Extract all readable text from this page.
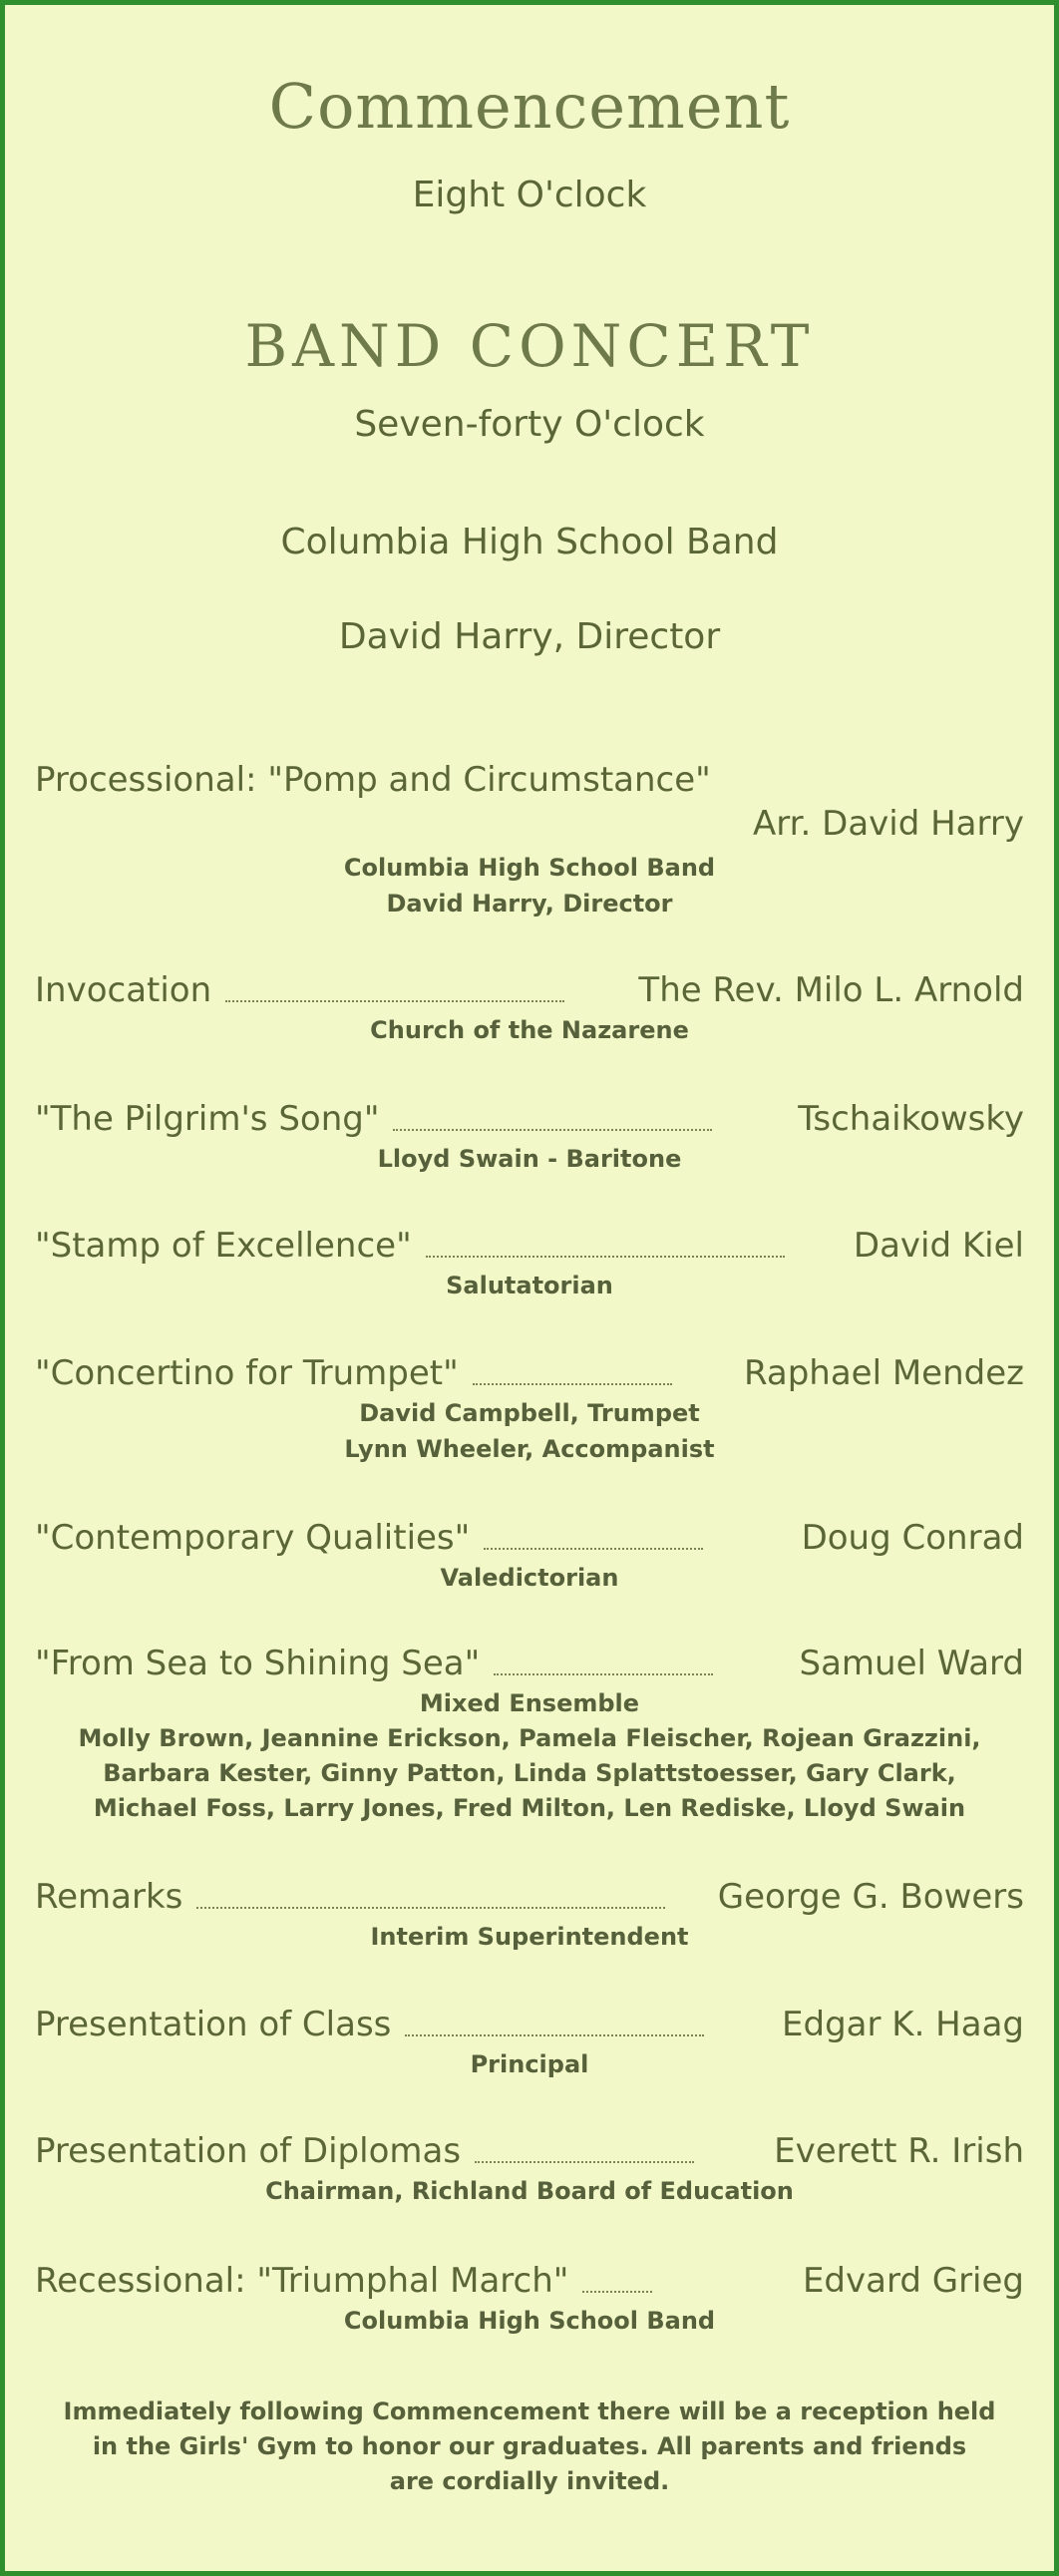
Commencement
Eight O'clock
BAND CONCERT
Seven-forty O'clock
Columbia High School Band
David Harry, Director
Processional: "Pomp and Circumstance"
Arr. David Harry
Columbia High School Band
David Harry, Director
Invocation	The Rev. Milo L. Arnold
Church of the Nazarene
"The Pilgrim's Song"	Tschaikowsky
Lloyd Swain - Baritone
"Stamp of Excellence"	David Kiel
Salutatorian
"Concertino for Trumpet"	Raphael Mendez
David Campbell, Trumpet
Lynn Wheeler, Accompanist
"Contemporary Qualities"	Doug Conrad
Valedictorian
"From Sea to Shining Sea"	Samuel Ward
Mixed Ensemble
Molly Brown, Jeannine Erickson, Pamela Fleischer, Rojean Grazzini,
Barbara Kester, Ginny Patton, Linda Splattstoesser, Gary Clark,
Michael Foss, Larry Jones, Fred Milton, Len Rediske, Lloyd Swain
Remarks	George G. Bowers
Interim Superintendent
Presentation of Class	Edgar K. Haag
Principal
Presentation of Diplomas	Everett R. Irish
Chairman, Richland Board of Education
Recessional: "Triumphal March"	Edvard Grieg
Columbia High School Band
Immediately following Commencement there will be a reception held
in the Girls' Gym to honor our graduates. All parents and friends
are cordially invited.
